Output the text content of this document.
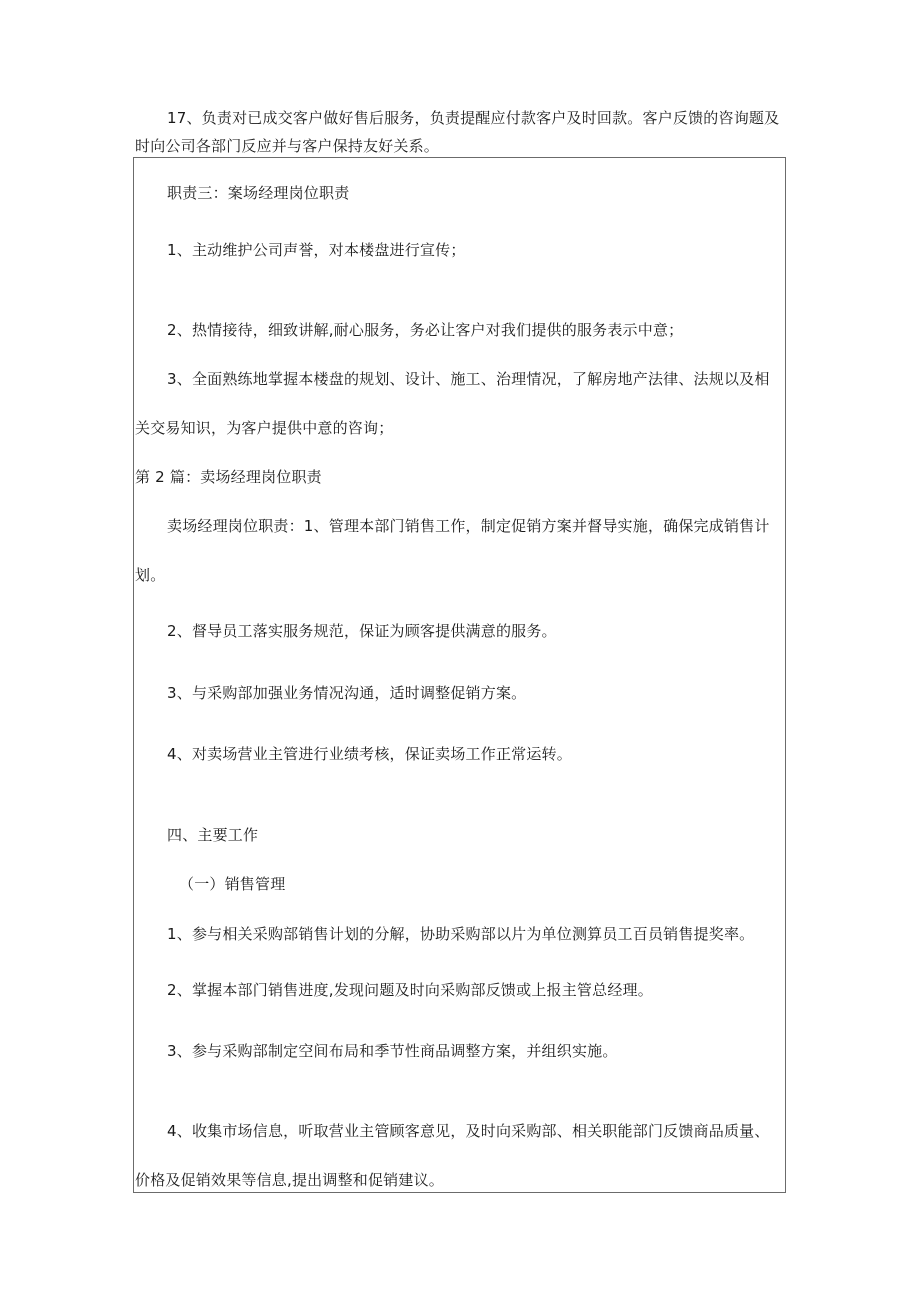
17、负责对已成交客户做好售后服务，负责提醒应付款客户及时回款。客户反馈的咨询题及
时向公司各部门反应并与客户保持友好关系。
职责三：案场经理岗位职责
1、主动维护公司声誉，对本楼盘进行宣传；
2、热情接待，细致讲解,耐心服务，务必让客户对我们提供的服务表示中意；
3、全面熟练地掌握本楼盘的规划、设计、施工、治理情况，了解房地产法律、法规以及相
关交易知识，为客户提供中意的咨询；
第 2 篇：卖场经理岗位职责
卖场经理岗位职责：1、管理本部门销售工作，制定促销方案并督导实施，确保完成销售计
划。
2、督导员工落实服务规范，保证为顾客提供满意的服务。
3、与采购部加强业务情况沟通，适时调整促销方案。
4、对卖场营业主管进行业绩考核，保证卖场工作正常运转。
四、主要工作
（一）销售管理
1、参与相关采购部销售计划的分解，协助采购部以片为单位测算员工百员销售提奖率。
2、掌握本部门销售进度,发现问题及时向采购部反馈或上报主管总经理。
3、参与采购部制定空间布局和季节性商品调整方案，并组织实施。
4、收集市场信息，听取营业主管顾客意见，及时向采购部、相关职能部门反馈商品质量、
价格及促销效果等信息,提出调整和促销建议。
